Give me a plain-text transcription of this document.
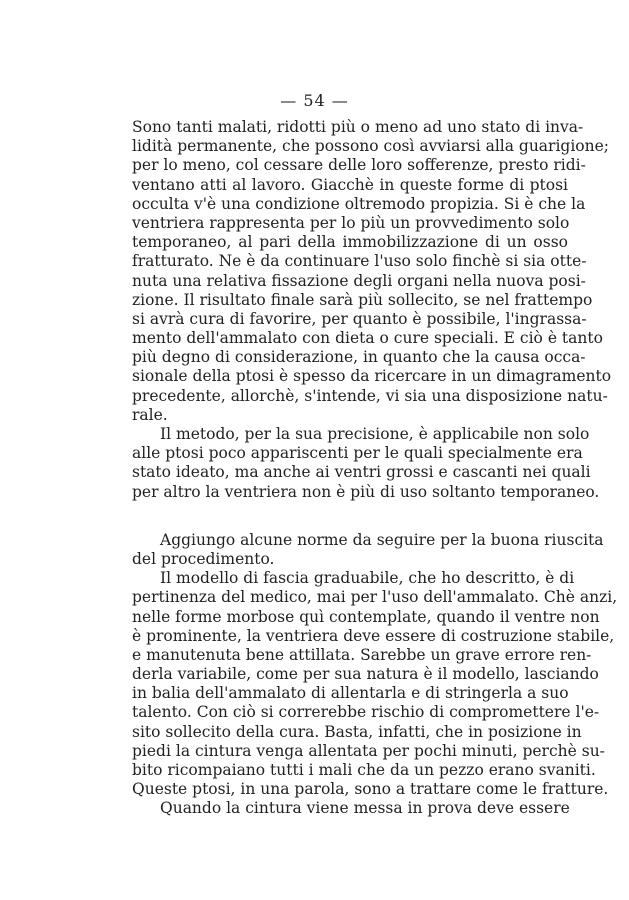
— 54 —
Sono tanti malati, ridotti più o meno ad uno stato di inva-
lidità permanente, che possono così avviarsi alla guarigione;
per lo meno, col cessare delle loro sofferenze, presto ridi-
ventano atti al lavoro. Giacchè in queste forme di ptosi
occulta v'è una condizione oltremodo propizia. Si è che la
ventriera rappresenta per lo più un provvedimento solo
temporaneo, al pari della immobilizzazione di un osso
fratturato. Ne è da continuare l'uso solo finchè si sia otte-
nuta una relativa fissazione degli organi nella nuova posi-
zione. Il risultato finale sarà più sollecito, se nel frattempo
si avrà cura di favorire, per quanto è possibile, l'ingrassa-
mento dell'ammalato con dieta o cure speciali. E ciò è tanto
più degno di considerazione, in quanto che la causa occa-
sionale della ptosi è spesso da ricercare in un dimagramento
precedente, allorchè, s'intende, vi sia una disposizione natu-
rale.
Il metodo, per la sua precisione, è applicabile non solo
alle ptosi poco appariscenti per le quali specialmente era
stato ideato, ma anche ai ventri grossi e cascanti nei quali
per altro la ventriera non è più di uso soltanto temporaneo.
Aggiungo alcune norme da seguire per la buona riuscita
del procedimento.
Il modello di fascia graduabile, che ho descritto, è di
pertinenza del medico, mai per l'uso dell'ammalato. Chè anzi,
nelle forme morbose quì contemplate, quando il ventre non
è prominente, la ventriera deve essere di costruzione stabile,
e manutenuta bene attillata. Sarebbe un grave errore ren-
derla variabile, come per sua natura è il modello, lasciando
in balia dell'ammalato di allentarla e di stringerla a suo
talento. Con ciò si correrebbe rischio di compromettere l'e-
sito sollecito della cura. Basta, infatti, che in posizione in
piedi la cintura venga allentata per pochi minuti, perchè su-
bito ricompaiano tutti i mali che da un pezzo erano svaniti.
Queste ptosi, in una parola, sono a trattare come le fratture.
Quando la cintura viene messa in prova deve essere
